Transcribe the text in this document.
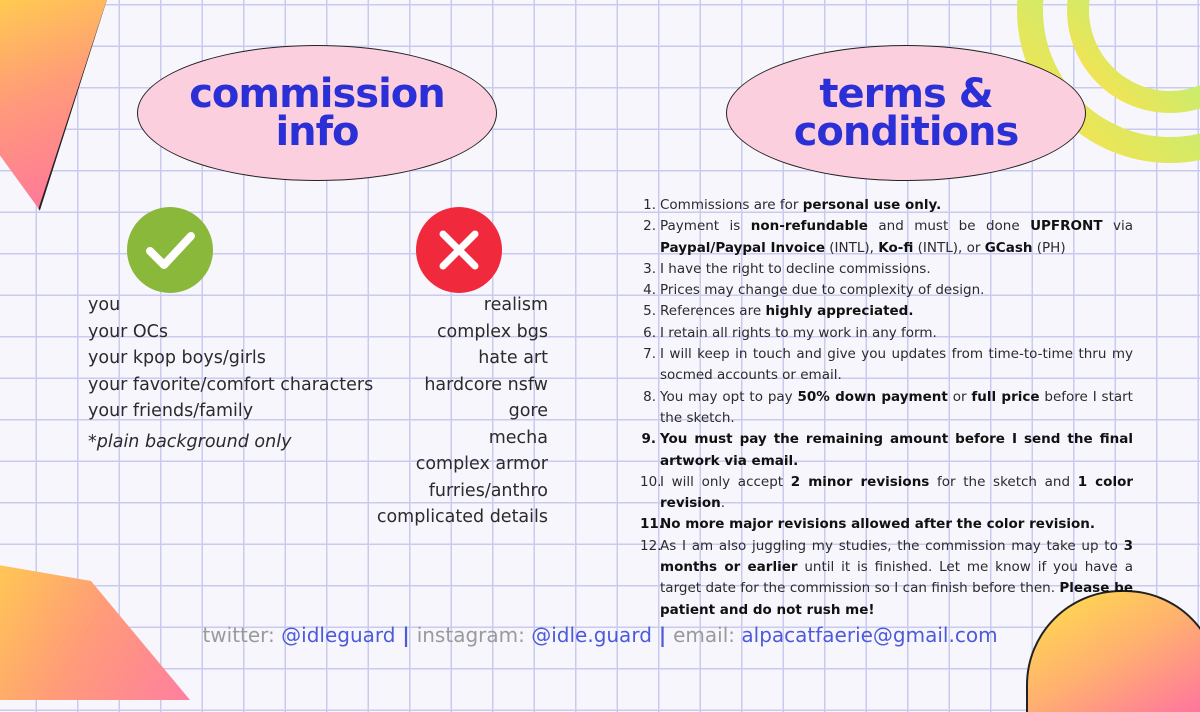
commission
info
terms &
conditions
you
your OCs
your kpop boys/girls
your favorite/comfort characters
your friends/family
*plain background only
realism
complex bgs
hate art
hardcore nsfw
gore
mecha
complex armor
furries/anthro
complicated details
1. Commissions are for personal use only.
2. Payment is non-refundable and must be done UPFRONT via Paypal/Paypal Invoice (INTL), Ko-fi (INTL), or GCash (PH)
3. I have the right to decline commissions.
4. Prices may change due to complexity of design.
5. References are highly appreciated.
6. I retain all rights to my work in any form.
7. I will keep in touch and give you updates from time-to-time thru my socmed accounts or email.
8. You may opt to pay 50% down payment or full price before I start the sketch.
9. You must pay the remaining amount before I send the final artwork via email.
10.
I will only accept 2 minor revisions for the sketch and 1 color revision.
11.
No more major revisions allowed after the color revision.
12.
As I am also juggling my studies, the commission may take up to 3 months or earlier until it is finished. Let me know if you have a target date for the commission so I can finish before then. Please be patient and do not rush me!
twitter: @idleguard | instagram: @idle.guard | email: alpacatfaerie@gmail.com
